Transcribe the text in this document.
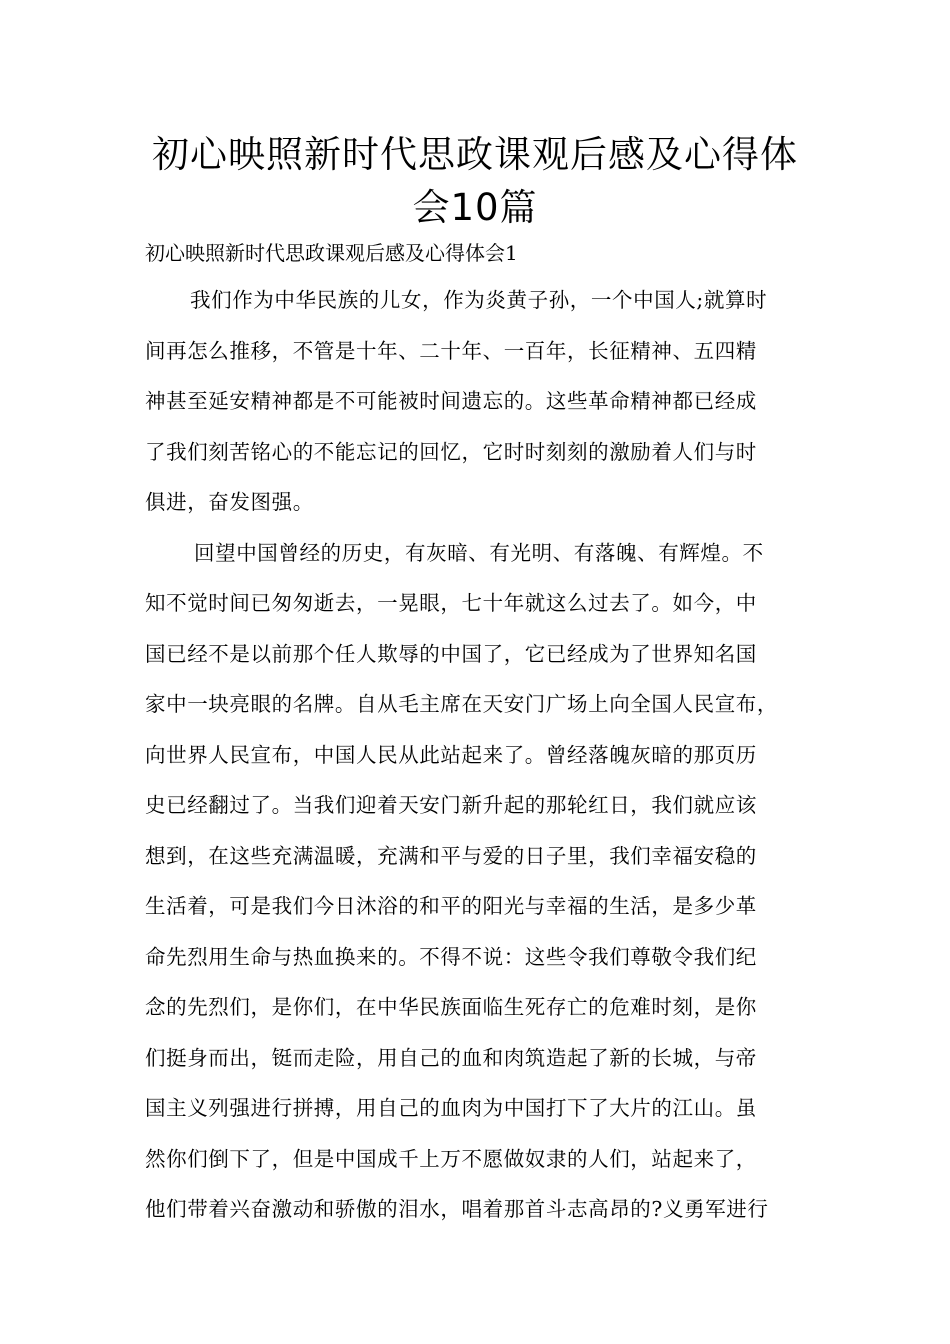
初心映照新时代思政课观后感及心得体
会10篇

初心映照新时代思政课观后感及心得体会1

我们作为中华民族的儿女，作为炎黄子孙，一个中国人;就算时
间再怎么推移，不管是十年、二十年、一百年，长征精神、五四精
神甚至延安精神都是不可能被时间遗忘的。这些革命精神都已经成
了我们刻苦铭心的不能忘记的回忆，它时时刻刻的激励着人们与时
俱进，奋发图强。
回望中国曾经的历史，有灰暗、有光明、有落魄、有辉煌。不
知不觉时间已匆匆逝去，一晃眼，七十年就这么过去了。如今，中
国已经不是以前那个任人欺辱的中国了，它已经成为了世界知名国
家中一块亮眼的名牌。自从毛主席在天安门广场上向全国人民宣布，
向世界人民宣布，中国人民从此站起来了。曾经落魄灰暗的那页历
史已经翻过了。当我们迎着天安门新升起的那轮红日，我们就应该
想到，在这些充满温暖，充满和平与爱的日子里，我们幸福安稳的
生活着，可是我们今日沐浴的和平的阳光与幸福的生活，是多少革
命先烈用生命与热血换来的。不得不说：这些令我们尊敬令我们纪
念的先烈们，是你们，在中华民族面临生死存亡的危难时刻，是你
们挺身而出，铤而走险，用自己的血和肉筑造起了新的长城，与帝
国主义列强进行拼搏，用自己的血肉为中国打下了大片的江山。虽
然你们倒下了，但是中国成千上万不愿做奴隶的人们，站起来了，
他们带着兴奋激动和骄傲的泪水，唱着那首斗志高昂的?义勇军进行
